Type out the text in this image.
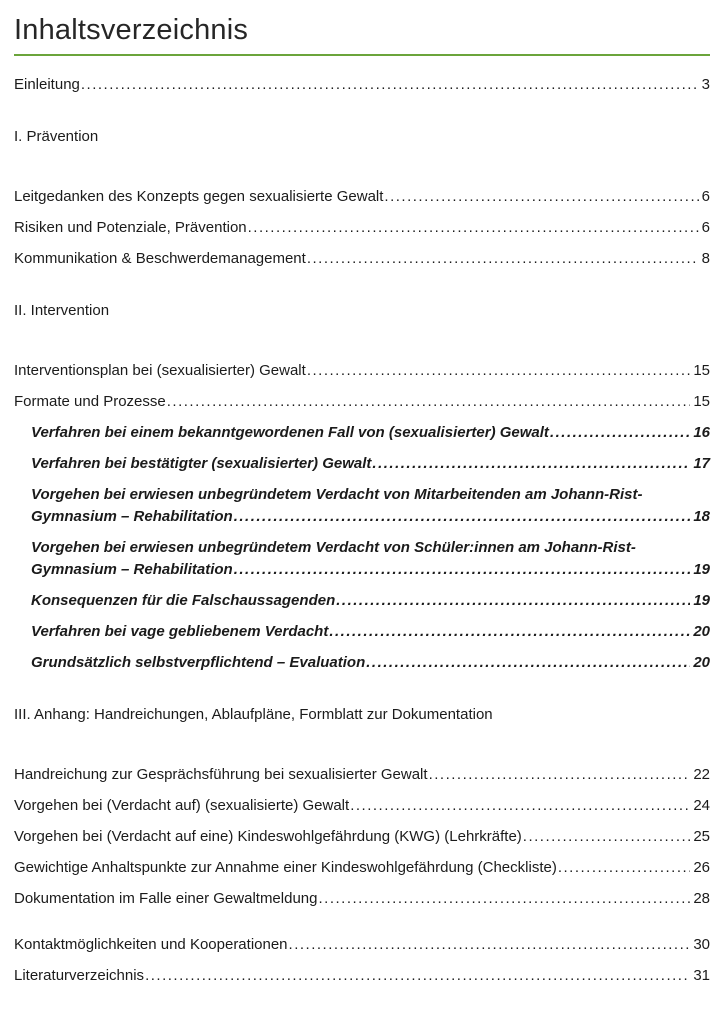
Inhaltsverzeichnis
Einleitung .....	3
I. Prävention
Leitgedanken des Konzepts gegen sexualisierte Gewalt .....	6
Risiken und Potenziale, Prävention .....	6
Kommunikation & Beschwerdemanagement .....	8
II. Intervention
Interventionsplan bei (sexualisierter) Gewalt .....	15
Formate und Prozesse .....	15
Verfahren bei einem bekanntgewordenen Fall von (sexualisierter) Gewalt .....	16
Verfahren bei bestätigter (sexualisierter) Gewalt .....	17
Vorgehen bei erwiesen unbegründetem Verdacht von Mitarbeitenden am Johann-Rist-
Gymnasium – Rehabilitation .....	18
Vorgehen bei erwiesen unbegründetem Verdacht von Schüler:innen am Johann-Rist-
Gymnasium – Rehabilitation .....	19
Konsequenzen für die Falschaussagenden .....	19
Verfahren bei vage gebliebenem Verdacht .....	20
Grundsätzlich selbstverpflichtend – Evaluation .....	20
III. Anhang: Handreichungen, Ablaufpläne, Formblatt zur Dokumentation
Handreichung zur Gesprächsführung bei sexualisierter Gewalt .....	22
Vorgehen bei (Verdacht auf) (sexualisierte) Gewalt .....	24
Vorgehen bei (Verdacht auf eine) Kindeswohlgefährdung (KWG) (Lehrkräfte) .....	25
Gewichtige Anhaltspunkte zur Annahme einer Kindeswohlgefährdung (Checkliste) .....	26
Dokumentation im Falle einer Gewaltmeldung .....	28
Kontaktmöglichkeiten und Kooperationen .....	30
Literaturverzeichnis .....	31
